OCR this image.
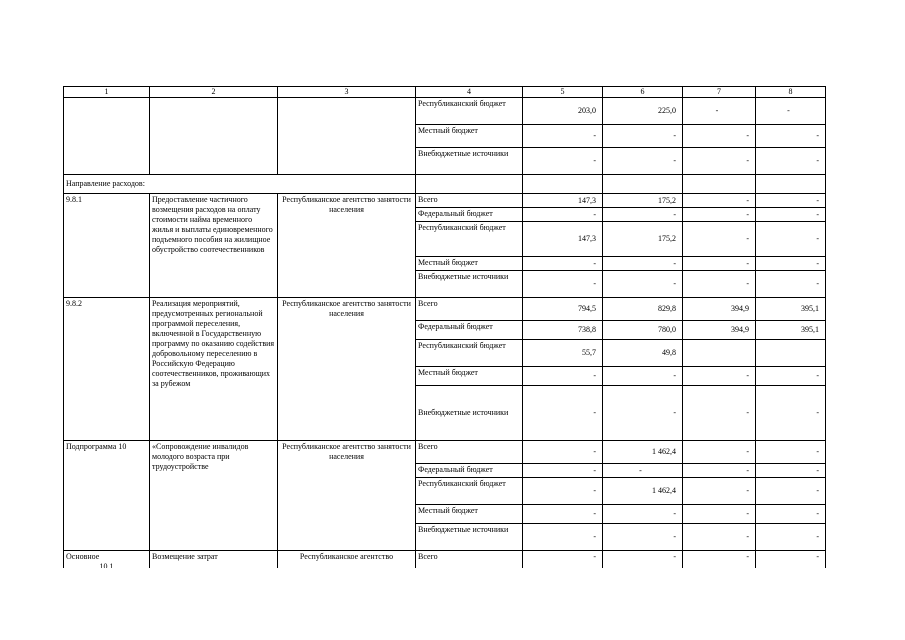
1	2	3	4	5	6	7	8
			Республиканский бюджет	203,0	225,0	-	-
			Местный бюджет	-	-	-	-
			Внебюджетные источники	-	-	-	-
Направление расходов:							
9.8.1	Предоставление частичного возмещения расходов на оплату стоимости найма временного жилья и выплаты единовременного подъемного пособия на жилищное обустройство соотечественников	Республиканское агентство занятости населения	Всего	147,3	175,2	-	-
			Федеральный бюджет	-	-	-	-
			Республиканский бюджет	147,3	175,2	-	-
			Местный бюджет	-	-	-	-
			Внебюджетные источники	-	-	-	-
9.8.2	Реализация мероприятий, предусмотренных региональной программой переселения, включенной в Государственную программу по оказанию содействия добровольному переселению в Российскую Федерацию соотечественников, проживающих за рубежом	Республиканское агентство занятости населения	Всего	794,5	829,8	394,9	395,1
			Федеральный бюджет	738,8	780,0	394,9	395,1
			Республиканский бюджет	55,7	49,8		
			Местный бюджет	-	-	-	-
			Внебюджетные источники	-	-	-	-
Подпрограмма 10	«Сопровождение инвалидов молодого возраста при трудоустройстве	Республиканское агентство занятости населения	Всего	-	1 462,4	-	-
			Федеральный бюджет	-	-	-	-
			Республиканский бюджет	-	1 462,4	-	-
			Местный бюджет	-	-	-	-
			Внебюджетные источники	-	-	-	-

Основное
10.1	Возмещение затрат	Республиканское агентство	Всего	-	-	-	-
